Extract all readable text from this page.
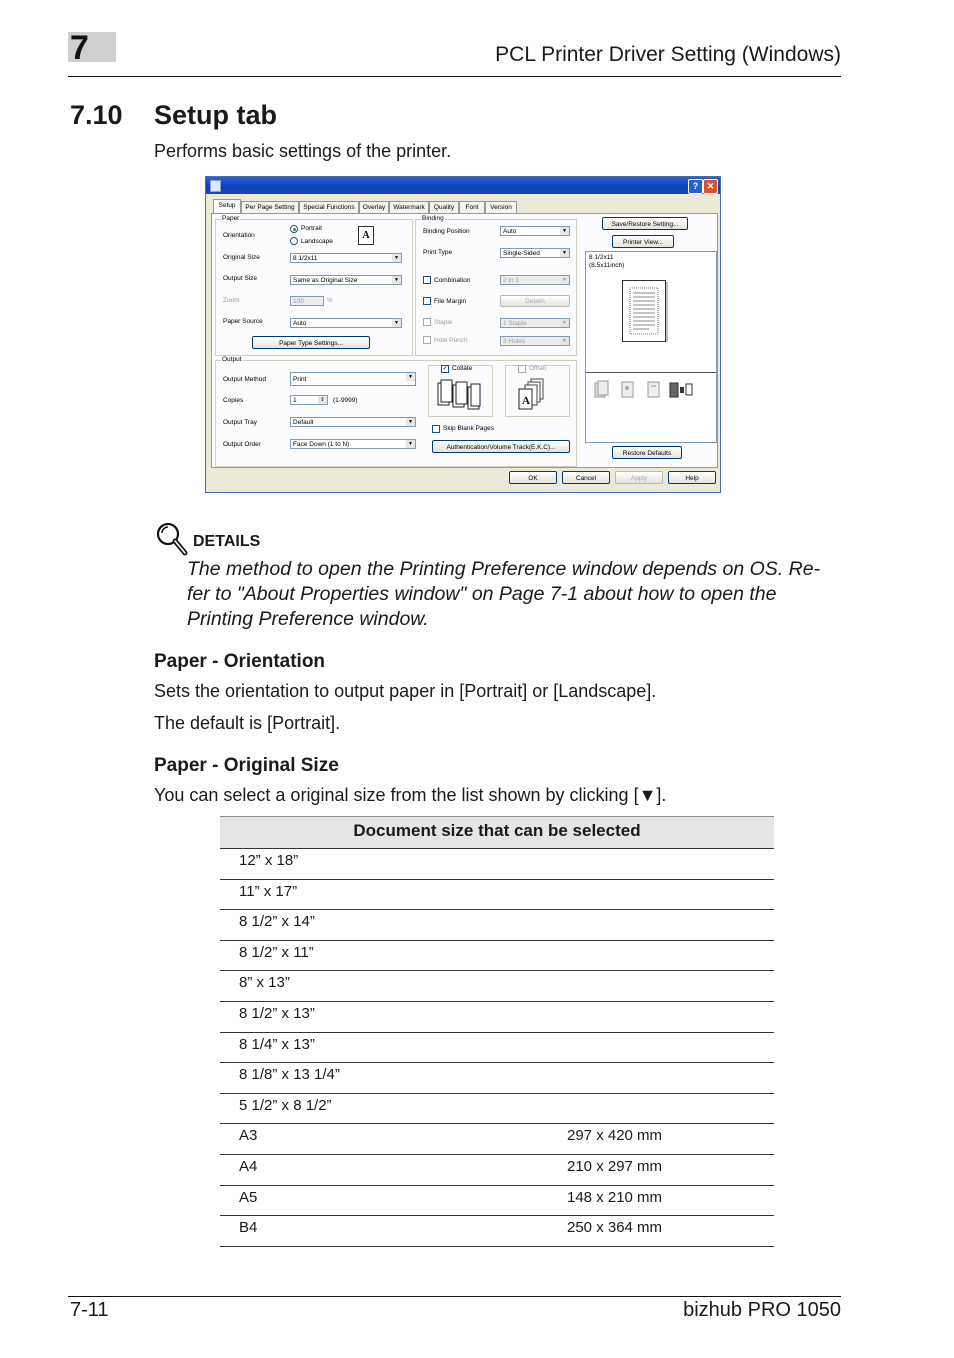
7	PCL Printer Driver Setting (Windows)
7.10 Setup tab
Performs basic settings of the printer.
? ✕
Setup	Per Page Setting	Special Functions	Overlay	Watermark	Quality	Font	Version
Paper
Orientation
Portrait
Landscape
A
Original Size	8 1/2x11	▼
Output Size	Same as Original Size	▼
Zoom	100	%
Paper Source	Auto	▼
Paper Type Settings...
Binding
Binding Position	Auto	▼
Print Type	Single-Sided	▼
Combination	2 in 1	▼
File Margin	Details
Staple	1 Staple	▼
Hole Punch	3 Holes	▼
Output
Output Method	Print	▼
Copies	1	⇕	(1-9999)
Output Tray	Default	▼
Output Order	Face Down (1 to N)	▼
✓ Collate	Offset
A
Skip Blank Pages
Authentication/Volume Track(E.K.C)...
Save/Restore Setting...
Printer View...
8 1/2x11
(8.5x11inch)
Restore Defaults
OK	Cancel	Apply	Help
DETAILS
The method to open the Printing Preference window depends on OS. Re-
fer to "About Properties window" on Page 7-1 about how to open the
Printing Preference window.
Paper - Orientation
Sets the orientation to output paper in [Portrait] or [Landscape].
The default is [Portrait].
Paper - Original Size
You can select a original size from the list shown by clicking [▼].
Document size that can be selected
12” x 18”
11” x 17”
8 1/2” x 14”
8 1/2” x 11”
8” x 13”
8 1/2” x 13”
8 1/4” x 13”
8 1/8” x 13 1/4”
5 1/2” x 8 1/2”
A3	297 x 420 mm
A4	210 x 297 mm
A5	148 x 210 mm
B4	250 x 364 mm
7-11	bizhub PRO 1050
